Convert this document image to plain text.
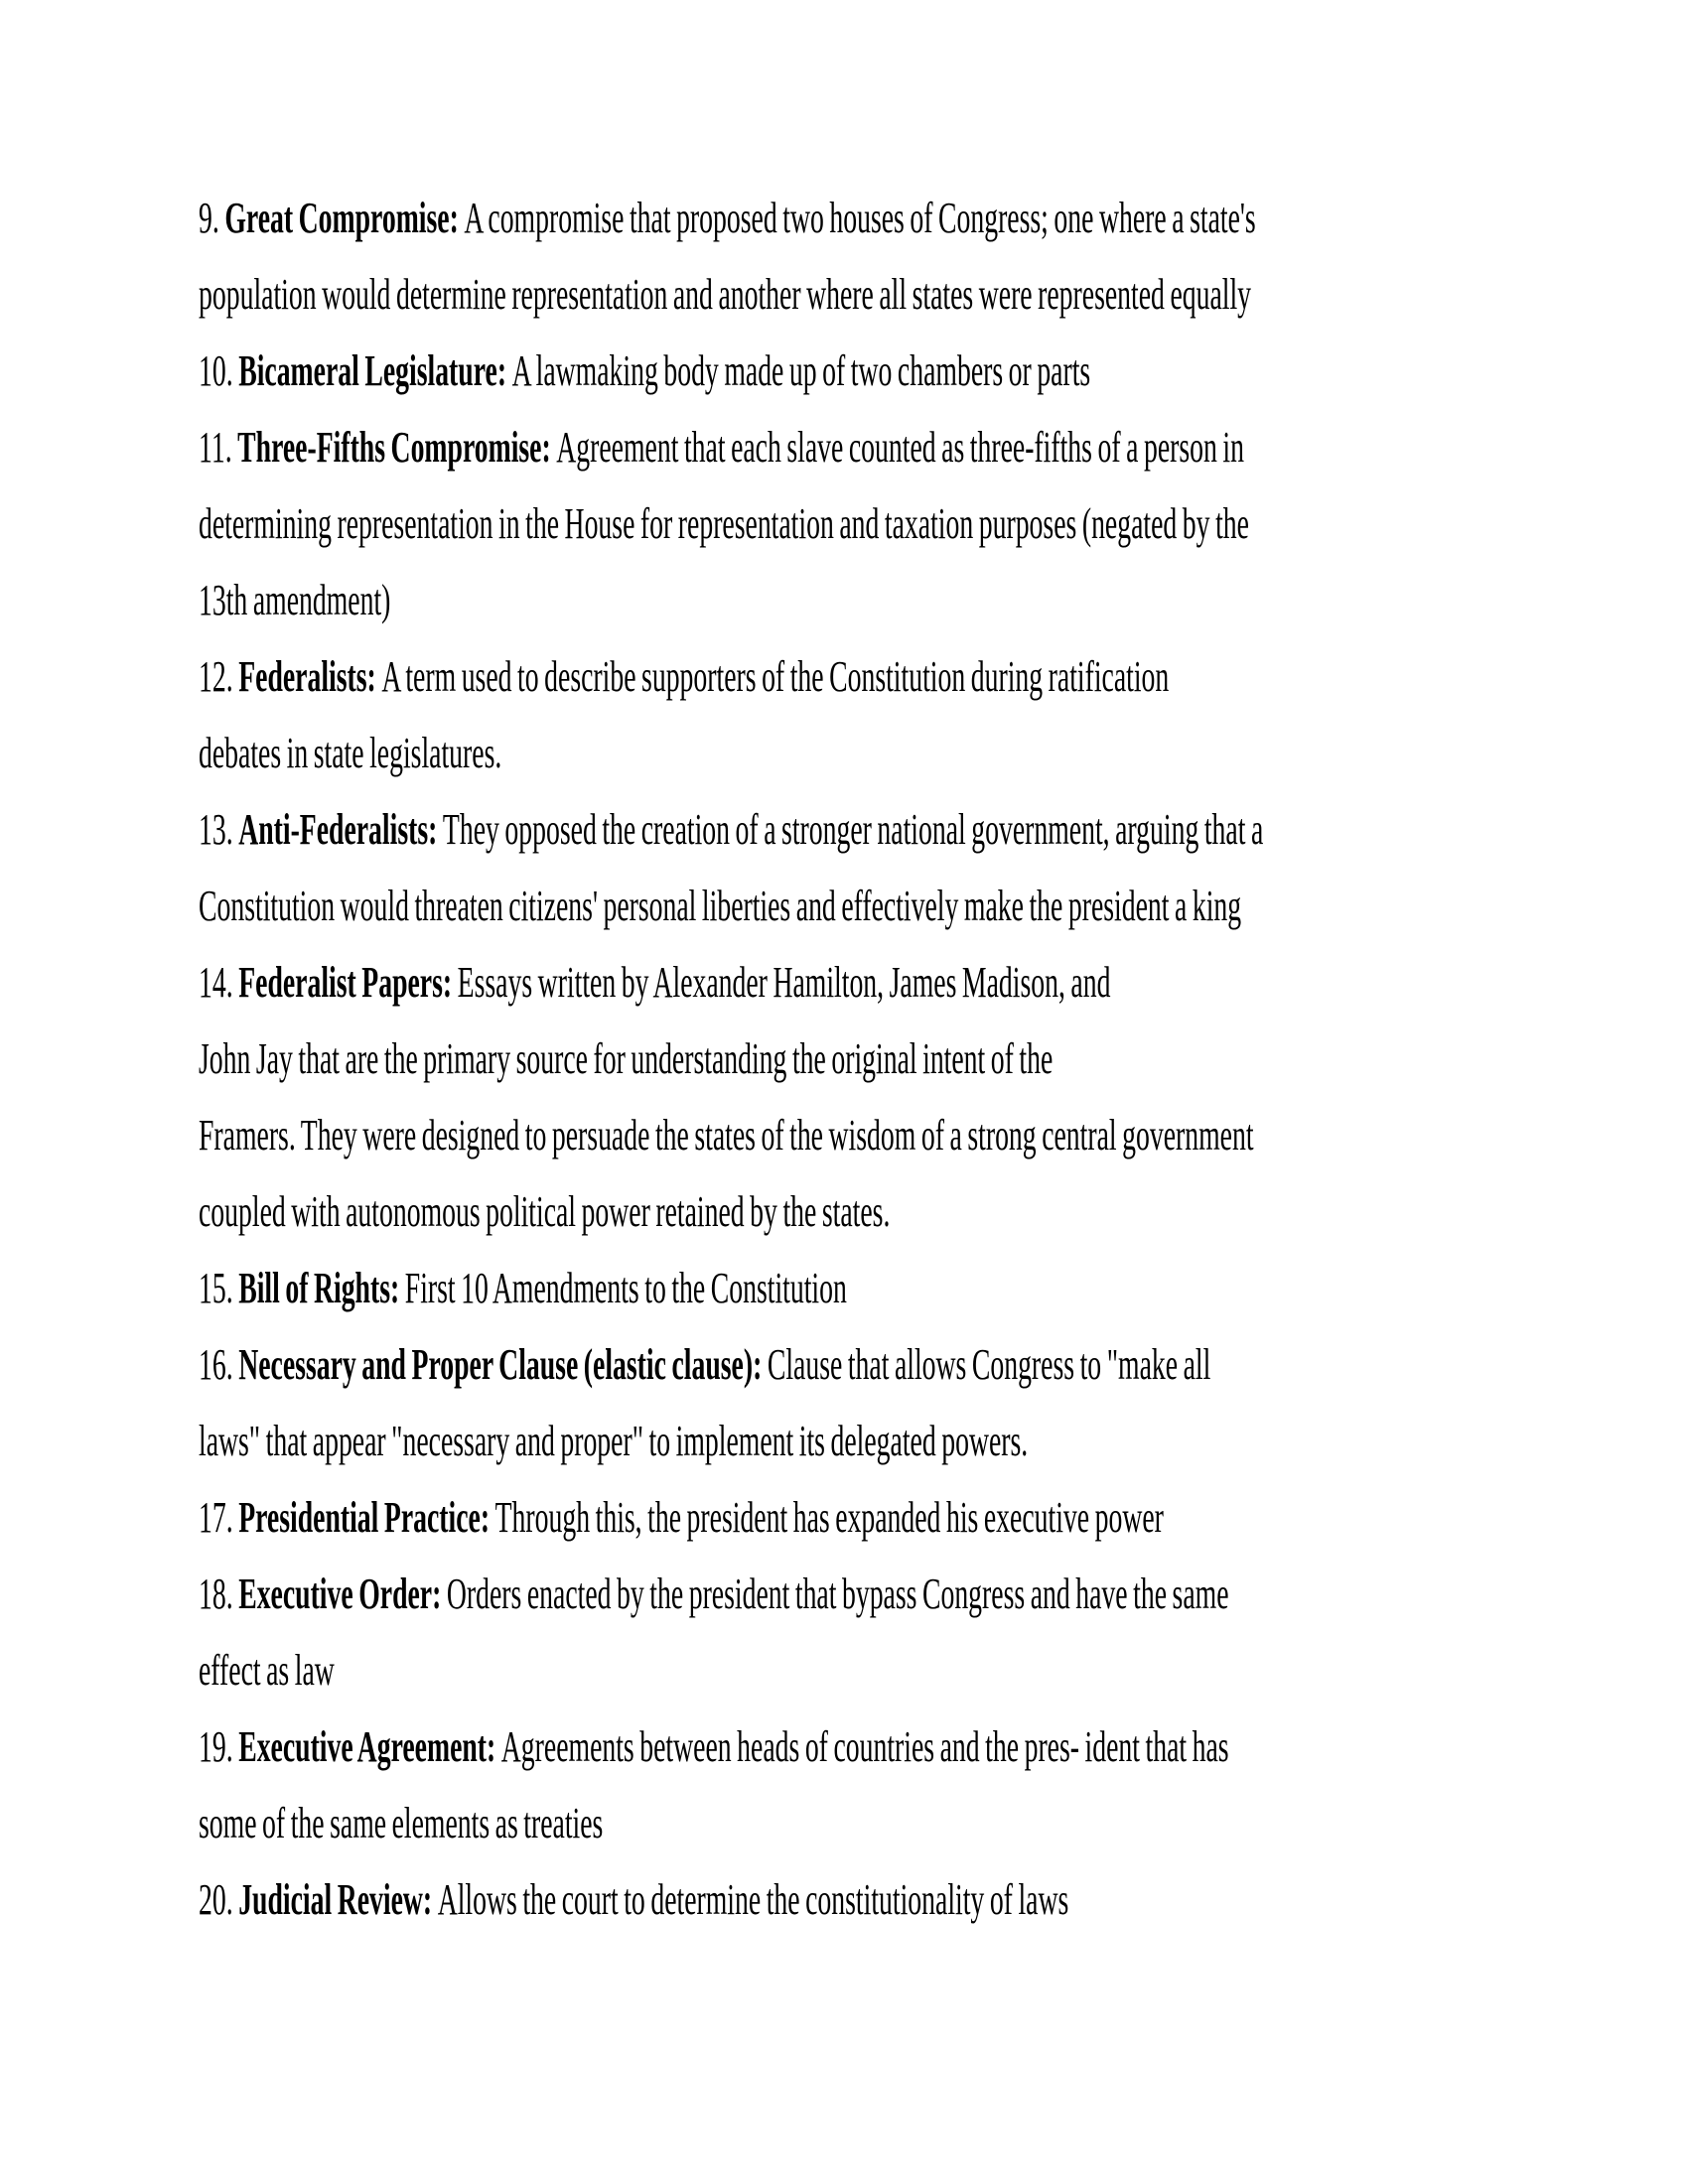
9. Great Compromise: A compromise that proposed two houses of Congress; one where a state's
population would determine representation and another where all states were represented equally
10. Bicameral Legislature: A lawmaking body made up of two chambers or parts
11. Three-Fifths Compromise: Agreement that each slave counted as three-fifths of a person in
determining representation in the House for representation and taxation purposes (negated by the
13th amendment)
12. Federalists: A term used to describe supporters of the Constitution during ratification
debates in state legislatures.
13. Anti-Federalists: They opposed the creation of a stronger national government, arguing that a
Constitution would threaten citizens' personal liberties and effectively make the president a king
14. Federalist Papers: Essays written by Alexander Hamilton, James Madison, and
John Jay that are the primary source for understanding the original intent of the
Framers. They were designed to persuade the states of the wisdom of a strong central government
coupled with autonomous political power retained by the states.
15. Bill of Rights: First 10 Amendments to the Constitution
16. Necessary and Proper Clause (elastic clause): Clause that allows Congress to "make all
laws" that appear "necessary and proper" to implement its delegated powers.
17. Presidential Practice: Through this, the president has expanded his executive power
18. Executive Order: Orders enacted by the president that bypass Congress and have the same
effect as law
19. Executive Agreement: Agreements between heads of countries and the pres- ident that has
some of the same elements as treaties
20. Judicial Review: Allows the court to determine the constitutionality of laws
